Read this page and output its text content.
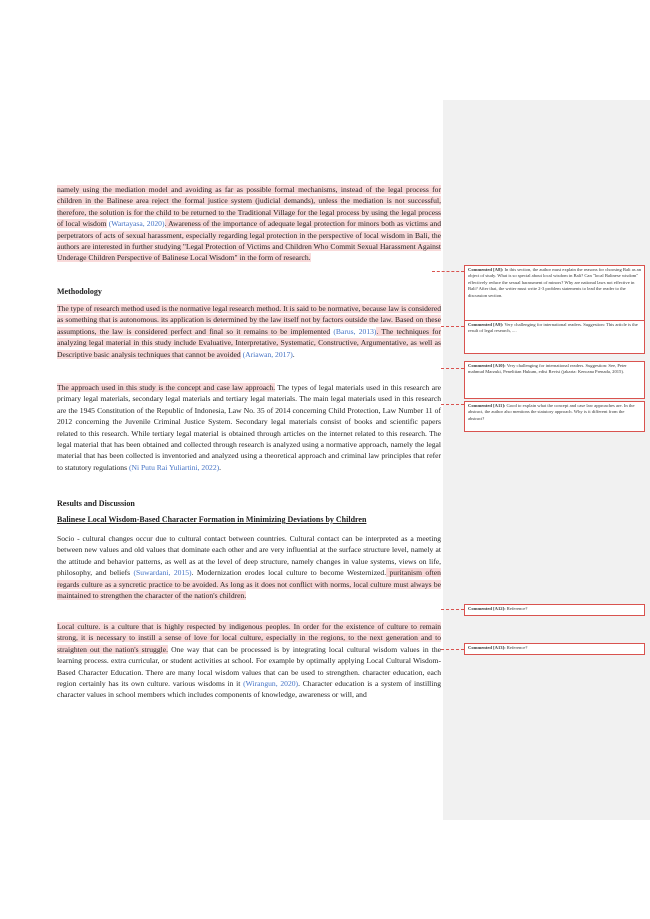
namely using the mediation model and avoiding as far as possible formal mechanisms, instead of the legal process for children in the Balinese area reject the formal justice system (judicial demands), unless the mediation is not successful, therefore, the solution is for the child to be returned to the Traditional Village for the legal process by using the legal process of local wisdom (Wartayasa, 2020). Awareness of the importance of adequate legal protection for minors both as victims and perpetrators of acts of sexual harassment, especially regarding legal protection in the perspective of local wisdom in Bali, the authors are interested in further studying "Legal Protection of Victims and Children Who Commit Sexual Harassment Against Underage Children Perspective of Balinese Local Wisdom" in the form of research.
Methodology
The type of research method used is the normative legal research method. It is said to be normative, because law is considered as something that is autonomous. its application is determined by the law itself not by factors outside the law. Based on these assumptions, the law is considered perfect and final so it remains to be implemented (Barus, 2013). The techniques for analyzing legal material in this study include Evaluative, Interpretative, Systematic, Constructive, Argumentative, as well as Descriptive basic analysis techniques that cannot be avoided (Ariawan, 2017).
The approach used in this study is the concept and case law approach. The types of legal materials used in this research are primary legal materials, secondary legal materials and tertiary legal materials. The main legal materials used in this research are the 1945 Constitution of the Republic of Indonesia, Law No. 35 of 2014 concerning Child Protection, Law Number 11 of 2012 concerning the Juvenile Criminal Justice System. Secondary legal materials consist of books and scientific papers related to this research. While tertiary legal material is obtained through articles on the internet related to this research. The legal material that has been obtained and collected through research is analyzed using a normative approach, namely the legal material that has been collected is inventoried and analyzed using a theoretical approach and criminal law principles that refer to statutory regulations (Ni Putu Rai Yuliartini, 2022).
Results and Discussion
Balinese Local Wisdom-Based Character Formation in Minimizing Deviations by Children
Socio - cultural changes occur due to cultural contact between countries. Cultural contact can be interpreted as a meeting between new values and old values that dominate each other and are very influential at the surface structure level, namely at the attitude and behavior patterns, as well as at the level of deep structure, namely changes in value systems, views on life, philosophy, and beliefs (Suwardani, 2015). Modernization erodes local culture to become Westernized. puritanism often regards culture as a syncretic practice to be avoided. As long as it does not conflict with norms, local culture must always be maintained to strengthen the character of the nation's children.
Local culture. is a culture that is highly respected by indigenous peoples. In order for the existence of culture to remain strong, it is necessary to instill a sense of love for local culture, especially in the regions, to the next generation and to straighten out the nation's struggle. One way that can be processed is by integrating local cultural wisdom values in the learning process. extra curricular, or student activities at school. For example by optimally applying Local Cultural Wisdom-Based Character Education. There are many local wisdom values that can be used to strengthen. character education, each region certainly has its own culture. various wisdoms in it (Wirangun, 2020). Character education is a system of instilling character values in school members which includes components of knowledge, awareness or will, and
Commented [A8]: In this section, the author must explain the reasons for choosing Bali as an object of study. What is so special about local wisdom in Bali? Can "local Balinese wisdom" effectively reduce the sexual harassment of minors? Why are national laws not effective in Bali? After that, the writer must write 2-3 problem statements to lead the reader to the discussion section.
Commented [A9]: Very challenging for international readers. Suggestion: This article is the result of legal research, ....
Commented [A10]: Very challenging for international readers. Suggestion: See, Peter mahmud Marzuki, Penelitian Hukum, edisi Revisi (jakarta: Kencana Prenada, 2015).
Commented [A11]: Good to explain what the concept and case law approaches are. In the abstract, the author also mentions the statutory approach. Why is it different from the abstract?
Commented [A12]: Reference?
Commented [A13]: Reference?
